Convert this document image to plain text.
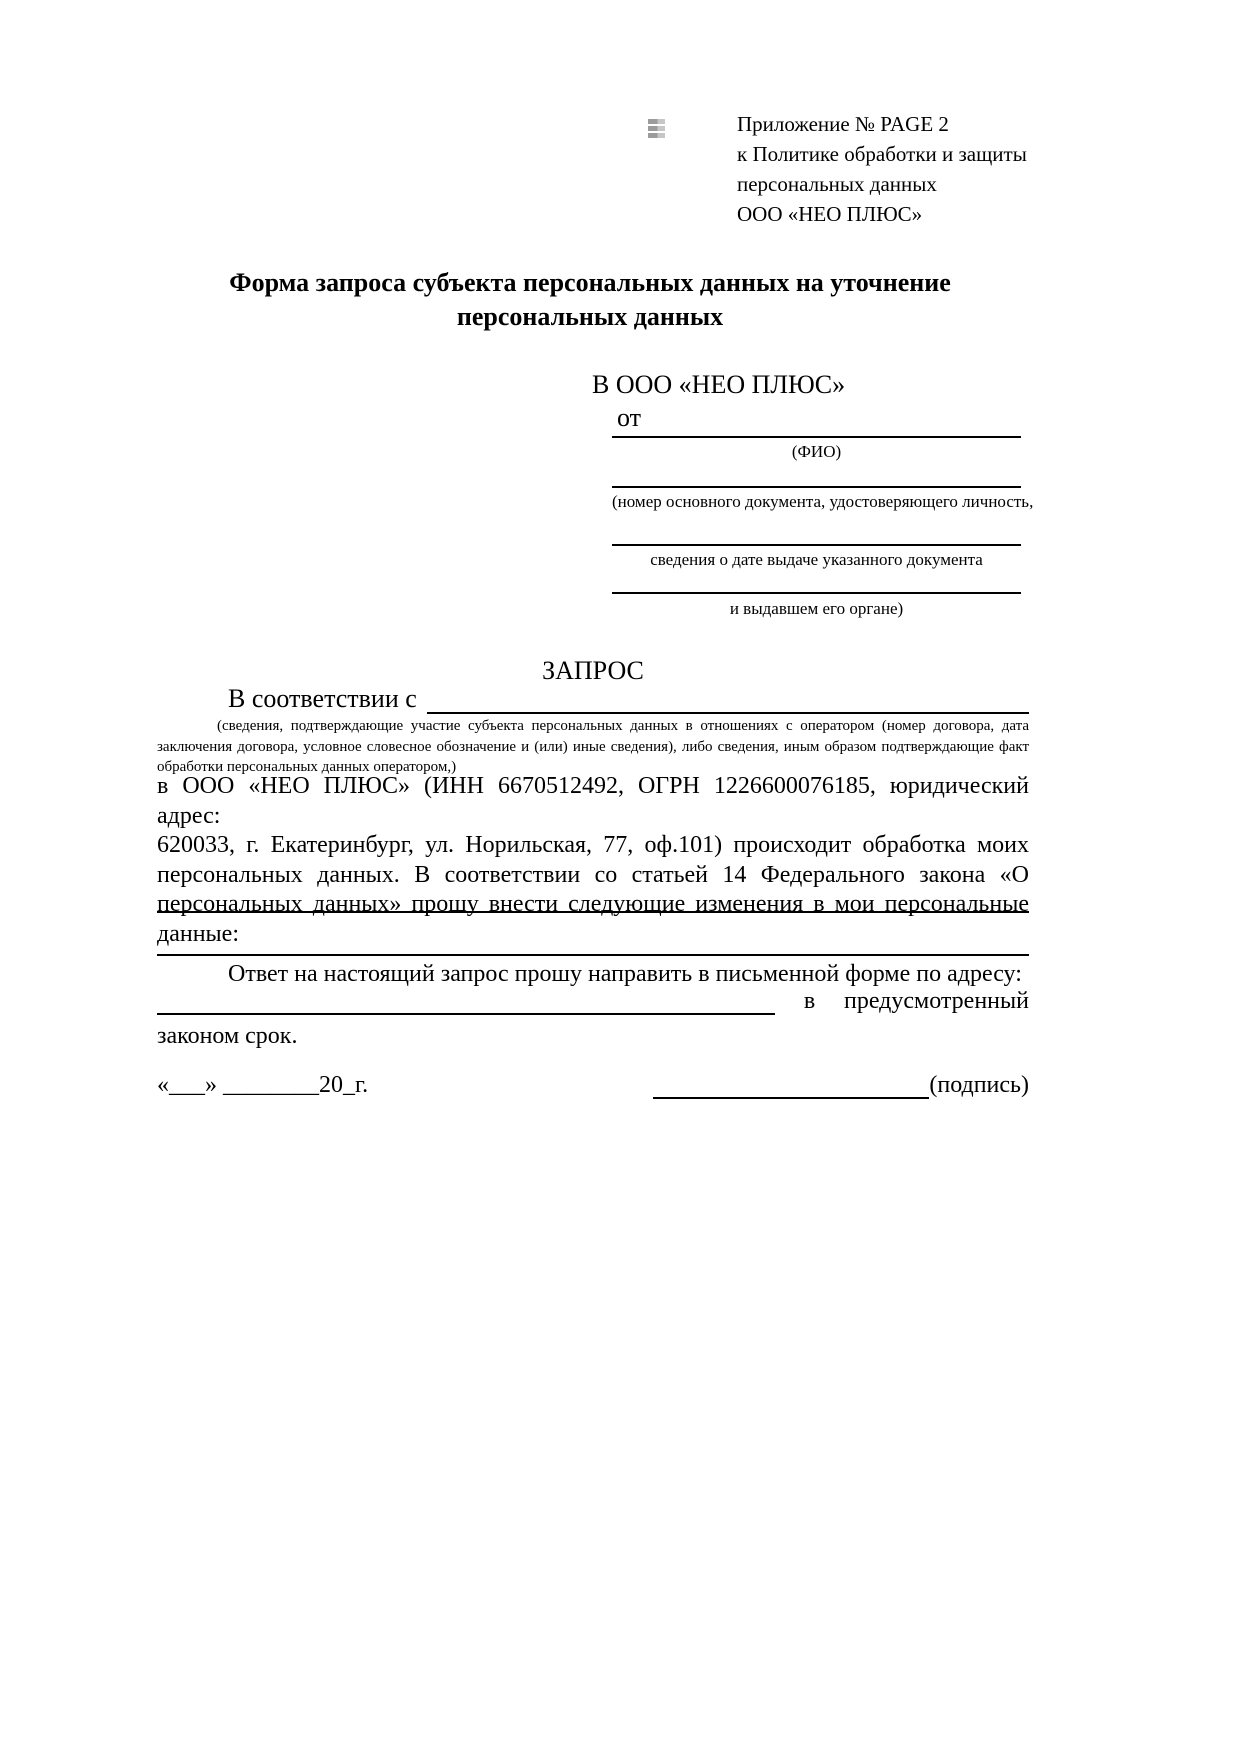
Приложение № PAGE 2
к Политике обработки и защиты
персональных данных
ООО «НЕО ПЛЮС»
Форма запроса субъекта персональных данных на уточнение персональных данных
В ООО «НЕО ПЛЮС»
от
(ФИО)
(номер основного документа, удостоверяющего личность,
сведения о дате выдаче указанного документа
и выдавшем его органе)
ЗАПРОС
В соответствии с
(сведения, подтверждающие участие субъекта персональных данных в отношениях с оператором (номер договора, дата
заключения договора, условное словесное обозначение и (или) иные сведения), либо сведения, иным образом подтверждающие факт
обработки персональных данных оператором,)
в ООО «НЕО ПЛЮС» (ИНН 6670512492, ОГРН 1226600076185, юридический адрес:
620033, г. Екатеринбург, ул. Норильская, 77, оф.101) происходит обработка моих
персональных данных. В соответствии со статьей 14 Федерального закона «О
персональных данных» прошу внести следующие изменения в мои персональные данные:
Ответ на настоящий запрос прошу направить в письменной форме по адресу:
в предусмотренный
законом срок.
«___» ________20_г.	(подпись)
